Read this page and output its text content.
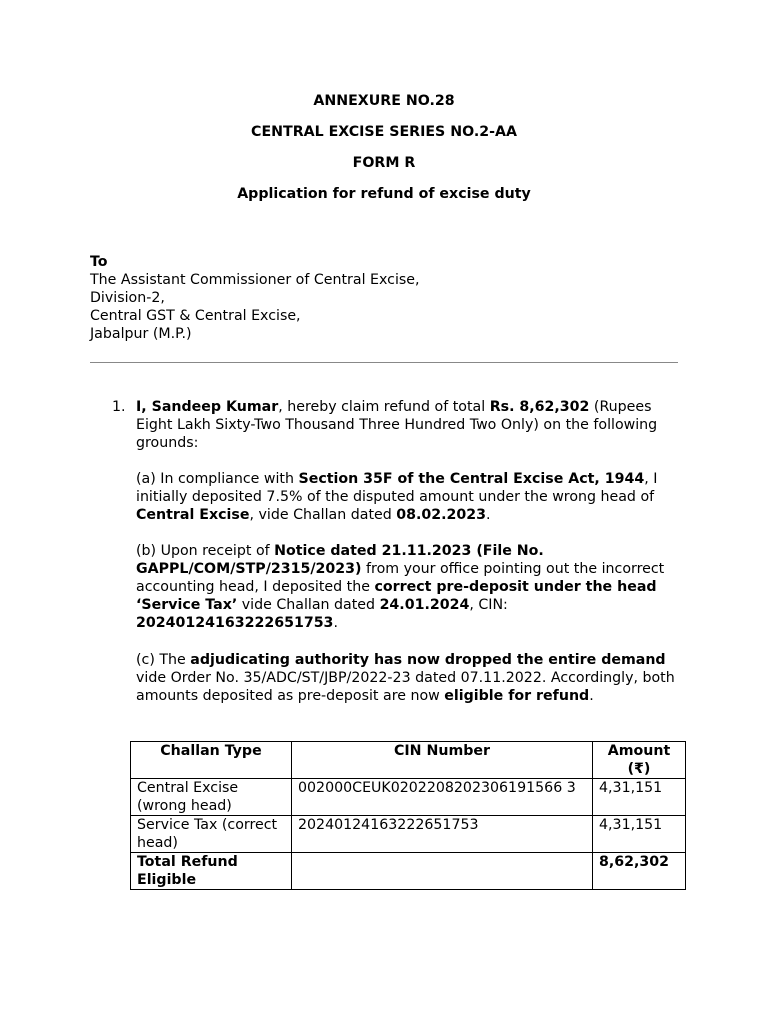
ANNEXURE NO.28
CENTRAL EXCISE SERIES NO.2-AA
FORM R
Application for refund of excise duty
To
The Assistant Commissioner of Central Excise,
Division-2,
Central GST & Central Excise,
Jabalpur (M.P.)
1. I, Sandeep Kumar, hereby claim refund of total Rs. 8,62,302 (Rupees Eight Lakh Sixty-Two Thousand Three Hundred Two Only) on the following grounds:
(a) In compliance with Section 35F of the Central Excise Act, 1944, I initially deposited 7.5% of the disputed amount under the wrong head of Central Excise, vide Challan dated 08.02.2023.
(b) Upon receipt of Notice dated 21.11.2023 (File No. GAPPL/COM/STP/2315/2023) from your office pointing out the incorrect accounting head, I deposited the correct pre-deposit under the head ‘Service Tax’ vide Challan dated 24.01.2024, CIN: 20240124163222651753.
(c) The adjudicating authority has now dropped the entire demand vide Order No. 35/ADC/ST/JBP/2022-23 dated 07.11.2022. Accordingly, both amounts deposited as pre-deposit are now eligible for refund.
Challan Type	CIN Number	Amount (₹)
Central Excise (wrong head)	002000CEUK0202208202306191566 3	4,31,151
Service Tax (correct head)	20240124163222651753	4,31,151
Total Refund Eligible		8,62,302
